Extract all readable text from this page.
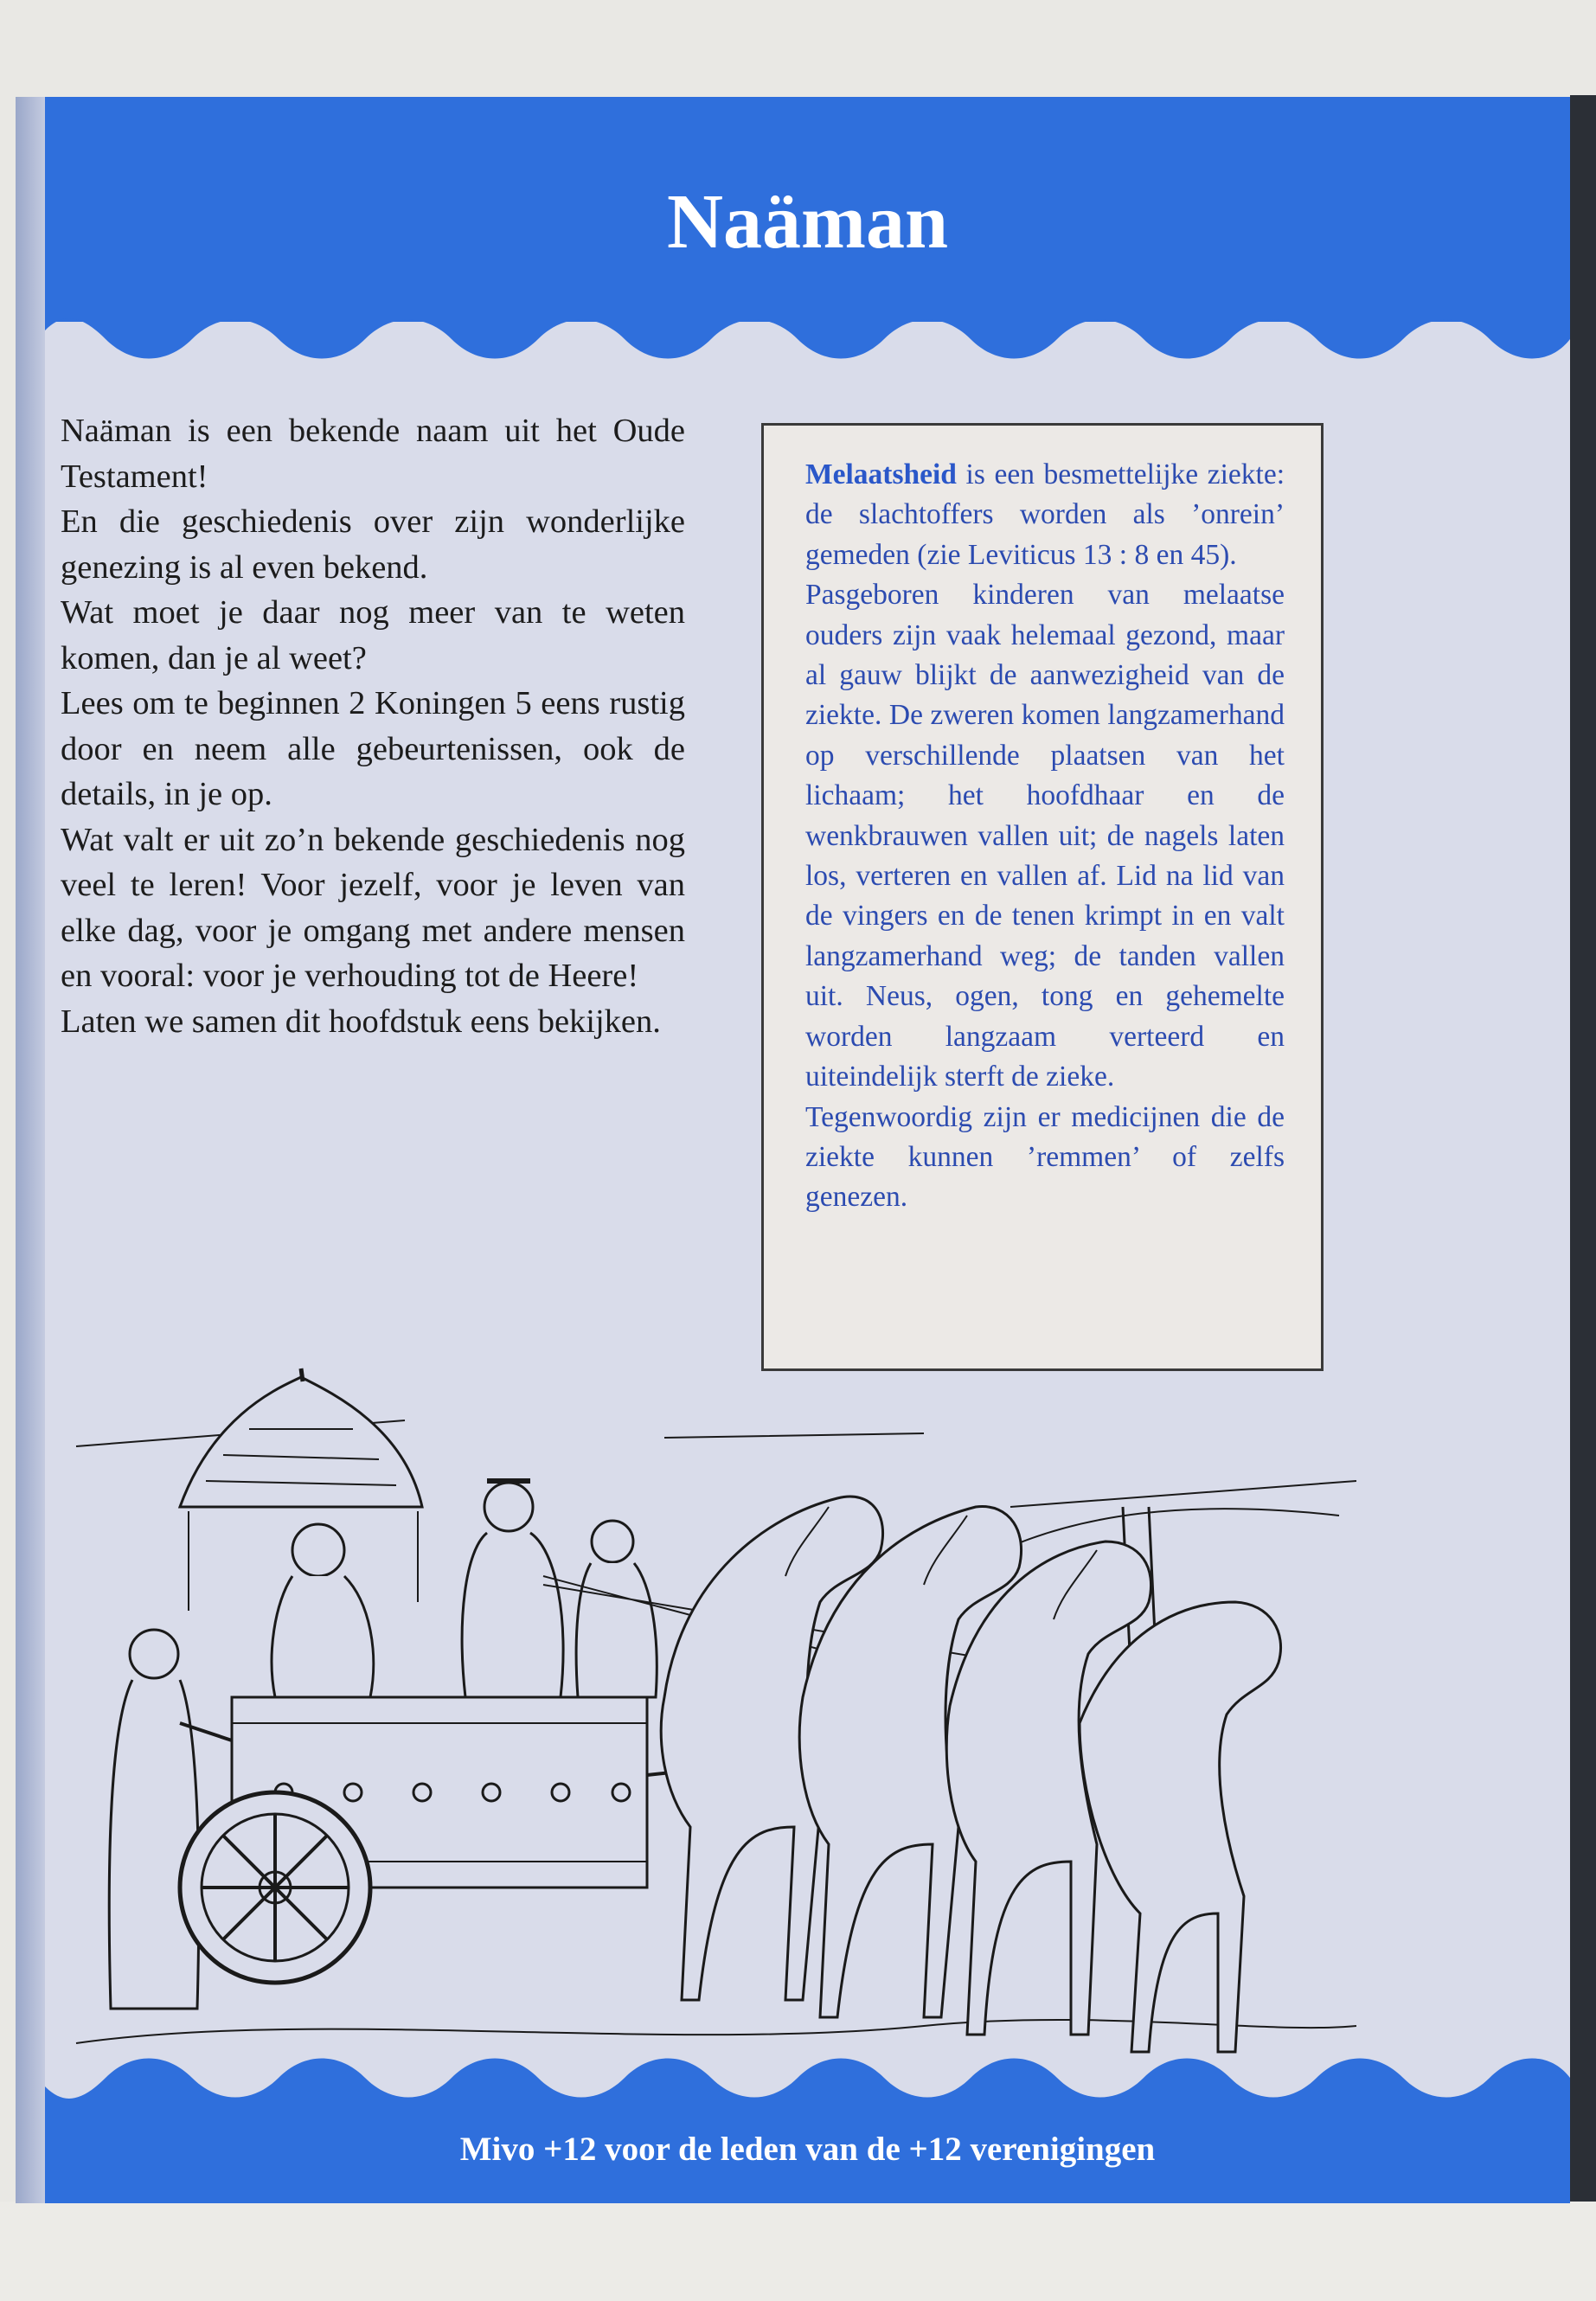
Naäman

Naäman is een bekende naam uit het Oude Testament!

En die geschiedenis over zijn wonderlijke genezing is al even bekend.

Wat moet je daar nog meer van te weten komen, dan je al weet?

Lees om te beginnen 2 Koningen 5 eens rustig door en neem alle gebeurtenissen, ook de details, in je op.

Wat valt er uit zo’n bekende geschiedenis nog veel te leren! Voor jezelf, voor je leven van elke dag, voor je omgang met andere mensen en vooral: voor je verhouding tot de Heere!

Laten we samen dit hoofdstuk eens bekijken.

Melaatsheid is een besmettelijke ziekte: de slachtoffers worden als ’onrein’ gemeden (zie Leviticus 13 : 8 en 45).

Pasgeboren kinderen van melaatse ouders zijn vaak helemaal gezond, maar al gauw blijkt de aanwezigheid van de ziekte. De zweren komen langzamerhand op verschillende plaatsen van het lichaam; het hoofdhaar en de wenkbrauwen vallen uit; de nagels laten los, verteren en vallen af. Lid na lid van de vingers en de tenen krimpt in en valt langzamerhand weg; de tanden vallen uit. Neus, ogen, tong en gehemelte worden langzaam verteerd en uiteindelijk sterft de zieke.

Tegenwoordig zijn er medicijnen die de ziekte kunnen ’remmen’ of zelfs genezen.

Mivo +12 voor de leden van de +12 verenigingen
